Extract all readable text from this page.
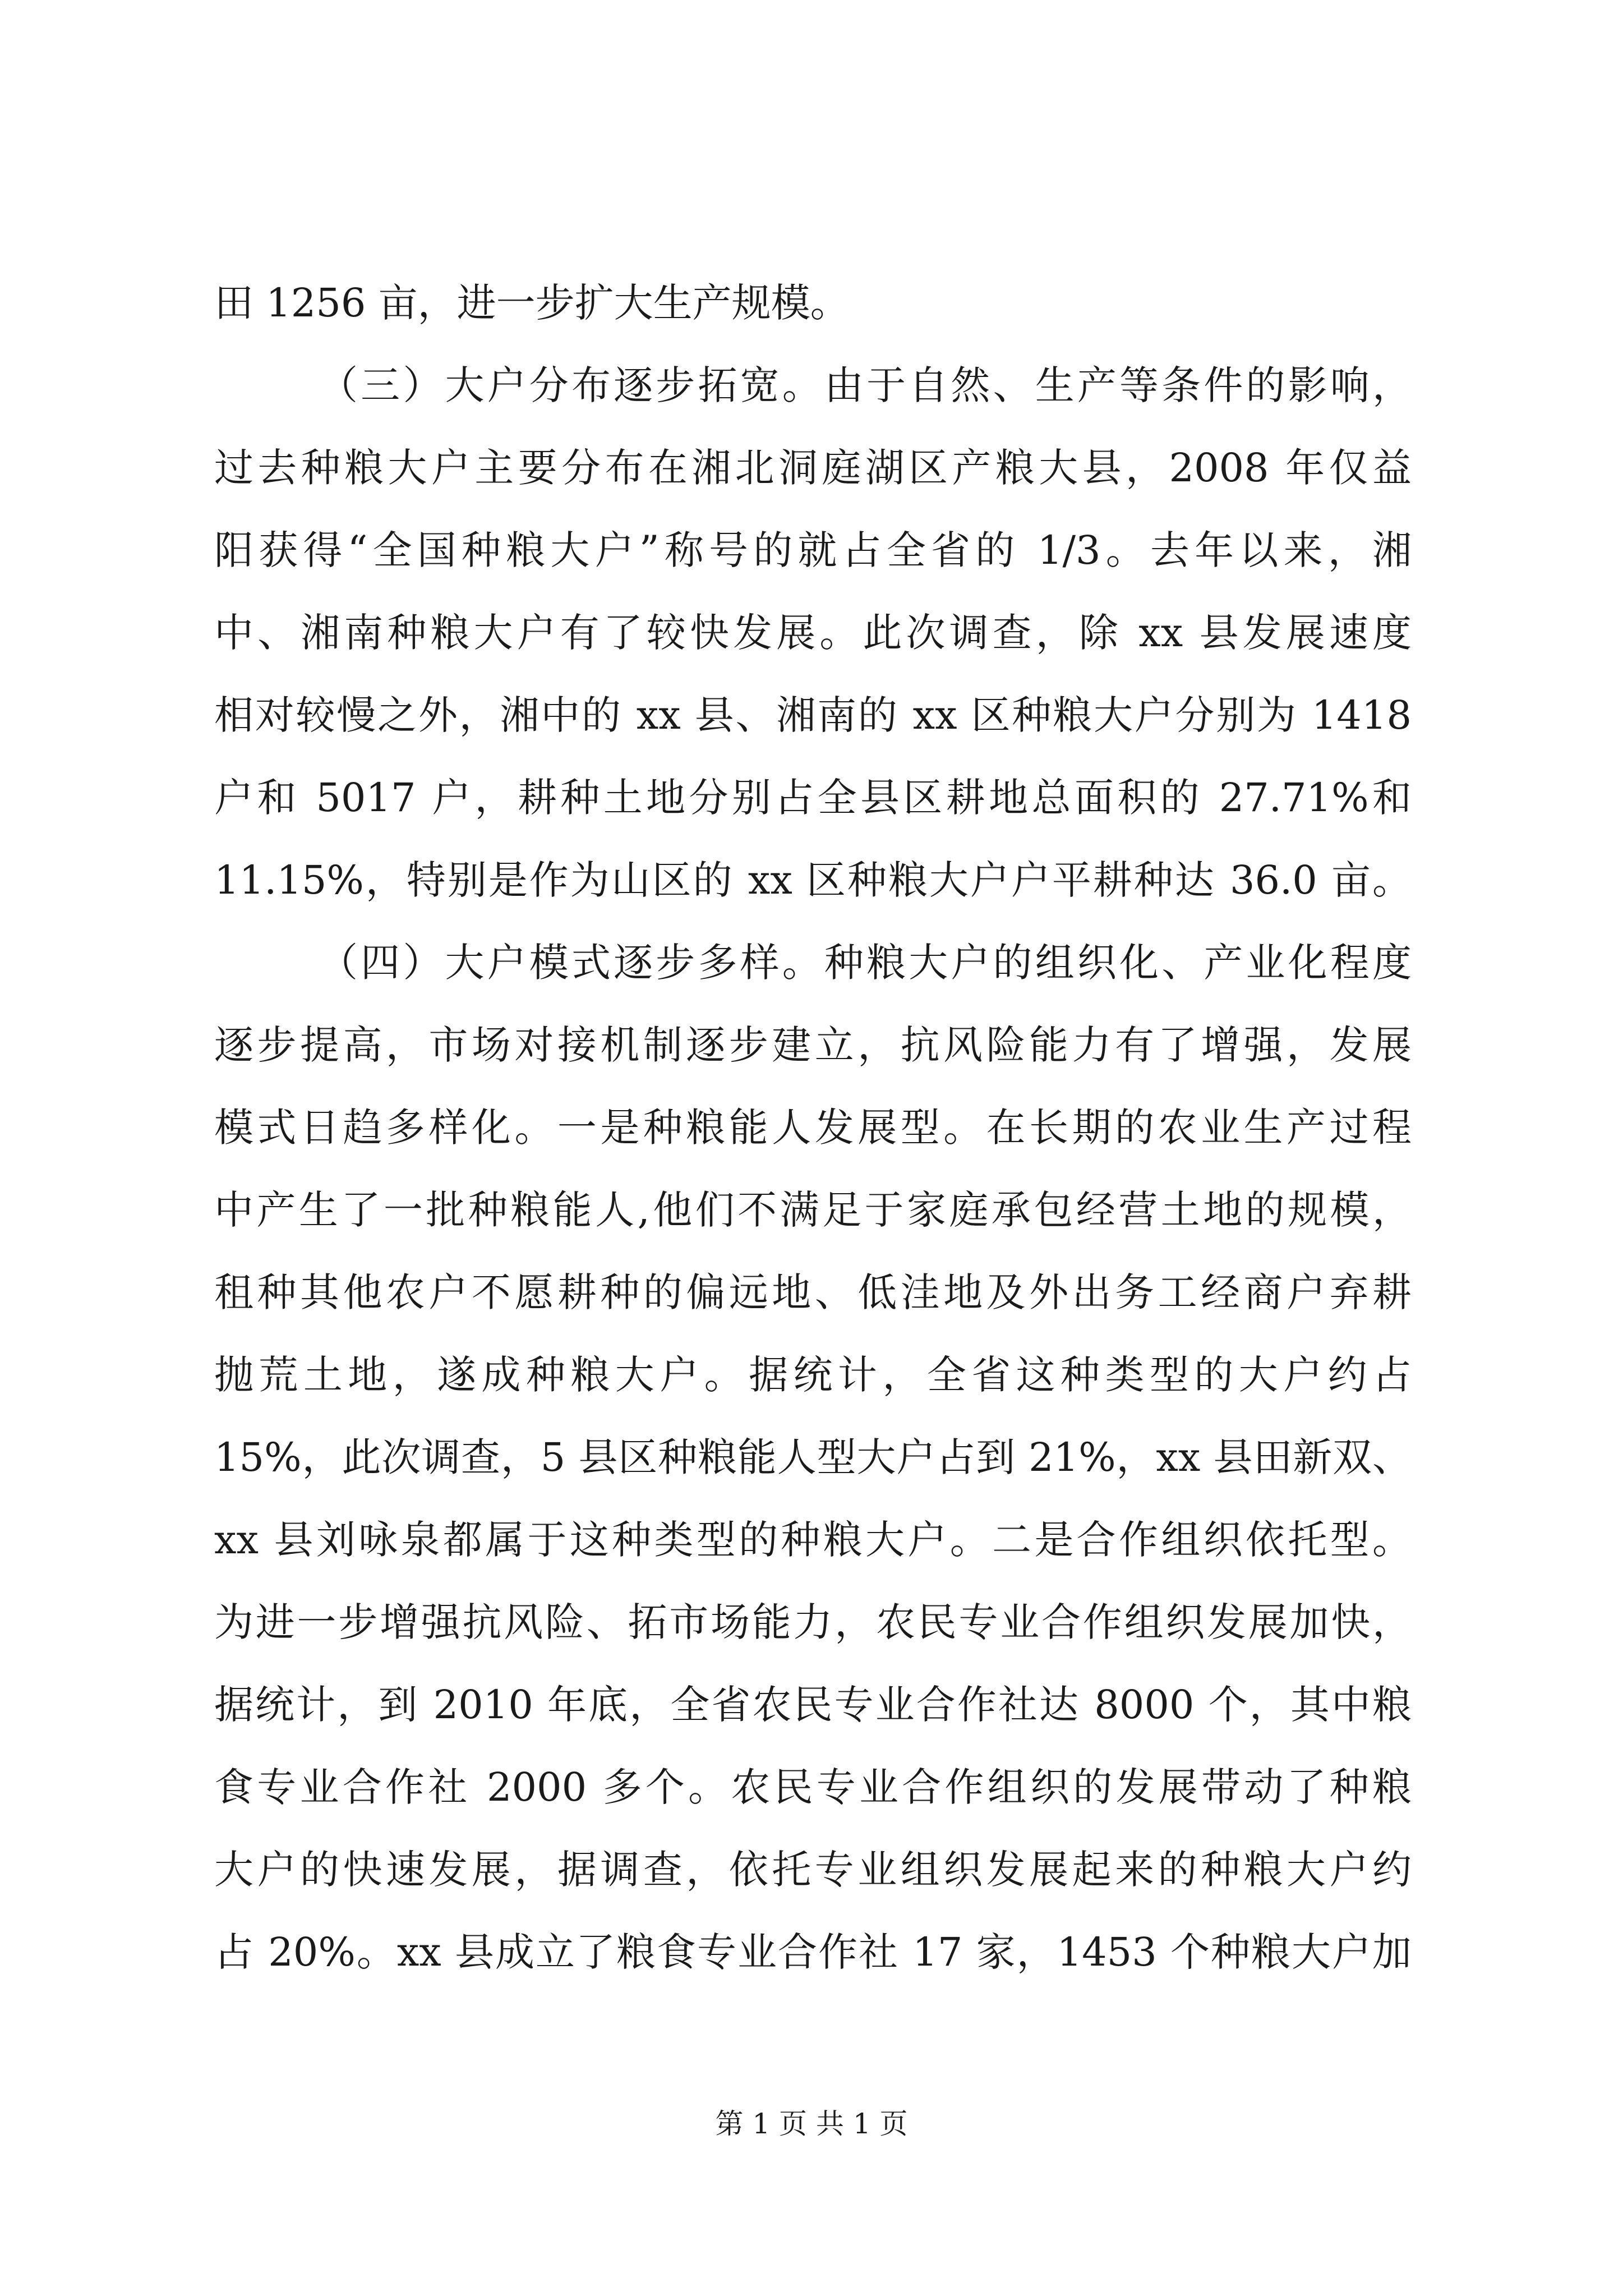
田 1256 亩，进一步扩大生产规模。

（三）大户分布逐步拓宽。由于自然、生产等条件的影响，

过去种粮大户主要分布在湘北洞庭湖区产粮大县，2008 年仅益

阳获得“全国种粮大户”称号的就占全省的 1/3。去年以来，湘

中、湘南种粮大户有了较快发展。此次调查，除 xx 县发展速度

相对较慢之外，湘中的 xx 县、湘南的 xx 区种粮大户分别为 1418

户和 5017 户，耕种土地分别占全县区耕地总面积的 27.71%和

11.15%，特别是作为山区的 xx 区种粮大户户平耕种达 36.0 亩。

（四）大户模式逐步多样。种粮大户的组织化、产业化程度

逐步提高，市场对接机制逐步建立，抗风险能力有了增强，发展

模式日趋多样化。一是种粮能人发展型。在长期的农业生产过程

中产生了一批种粮能人,他们不满足于家庭承包经营土地的规模，

租种其他农户不愿耕种的偏远地、低洼地及外出务工经商户弃耕

抛荒土地，遂成种粮大户。据统计，全省这种类型的大户约占

15%，此次调查，5 县区种粮能人型大户占到 21%，xx 县田新双、

xx 县刘咏泉都属于这种类型的种粮大户。二是合作组织依托型。

为进一步增强抗风险、拓市场能力，农民专业合作组织发展加快，

据统计，到 2010 年底，全省农民专业合作社达 8000 个，其中粮

食专业合作社 2000 多个。农民专业合作组织的发展带动了种粮

大户的快速发展，据调查，依托专业组织发展起来的种粮大户约

占 20%。xx 县成立了粮食专业合作社 17 家，1453 个种粮大户加

第 1 页 共 1 页
